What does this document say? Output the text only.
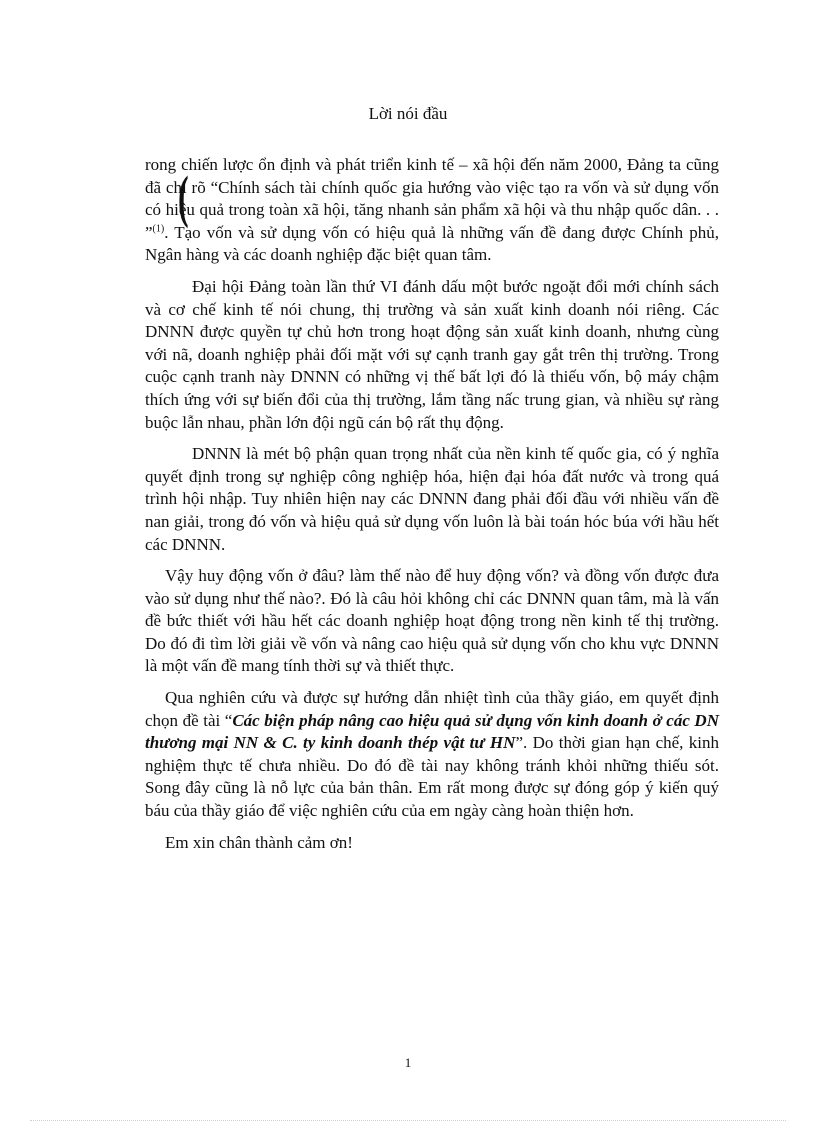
Lời nói đầu
(

rong chiến lược ổn định và phát triển kinh tế – xã hội đến năm 2000, Đảng ta cũng đã chỉ rõ “Chính sách tài chính quốc gia hướng vào việc tạo ra vốn và sử dụng vốn có hiệu quả trong toàn xã hội, tăng nhanh sản phẩm xã hội và thu nhập quốc dân. . . ”$^{(1)}$. Tạo vốn và sử dụng vốn có hiệu quả là những vấn đề đang được Chính phủ, Ngân hàng và các doanh nghiệp đặc biệt quan tâm.

Đại hội Đảng toàn lần thứ VI đánh dấu một bước ngoặt đổi mới chính sách và cơ chế kinh tế nói chung, thị trường và sản xuất kinh doanh nói riêng. Các DNNN được quyền tự chủ hơn trong hoạt động sản xuất kinh doanh, nhưng cùng với nã, doanh nghiệp phải đối mặt với sự cạnh tranh gay gắt trên thị trường. Trong cuộc cạnh tranh này DNNN có những vị thế bất lợi đó là thiếu vốn, bộ máy chậm thích ứng với sự biến đổi của thị trường, lắm tầng nấc trung gian, và nhiều sự ràng buộc lẫn nhau, phần lớn đội ngũ cán bộ rất thụ động.

DNNN là mét bộ phận quan trọng nhất của nền kinh tế quốc gia, có ý nghĩa quyết định trong sự nghiệp công nghiệp hóa, hiện đại hóa đất nước và trong quá trình hội nhập. Tuy nhiên hiện nay các DNNN đang phải đối đầu với nhiều vấn đề nan giải, trong đó vốn và hiệu quả sử dụng vốn luôn là bài toán hóc búa với hầu hết các DNNN.

Vậy huy động vốn ở đâu? làm thế nào để huy động vốn? và đồng vốn được đưa vào sử dụng như thế nào?. Đó là câu hỏi không chỉ các DNNN quan tâm, mà là vấn đề bức thiết với hầu hết các doanh nghiệp hoạt động trong nền kinh tế thị trường. Do đó đi tìm lời giải về vốn và nâng cao hiệu quả sử dụng vốn cho khu vực DNNN là một vấn đề mang tính thời sự và thiết thực.

Qua nghiên cứu và được sự hướng dẫn nhiệt tình của thầy giáo, em quyết định chọn đề tài “Các biện pháp nâng cao hiệu quả sử dụng vốn kinh doanh ở các DN thương mại NN & C. ty kinh doanh thép vật tư HN”. Do thời gian hạn chế, kinh nghiệm thực tế chưa nhiều. Do đó đề tài nay không tránh khỏi những thiếu sót. Song đây cũng là nỗ lực của bản thân. Em rất mong được sự đóng góp ý kiến quý báu của thầy giáo để việc nghiên cứu của em ngày càng hoàn thiện hơn.

Em xin chân thành cảm ơn!

1
